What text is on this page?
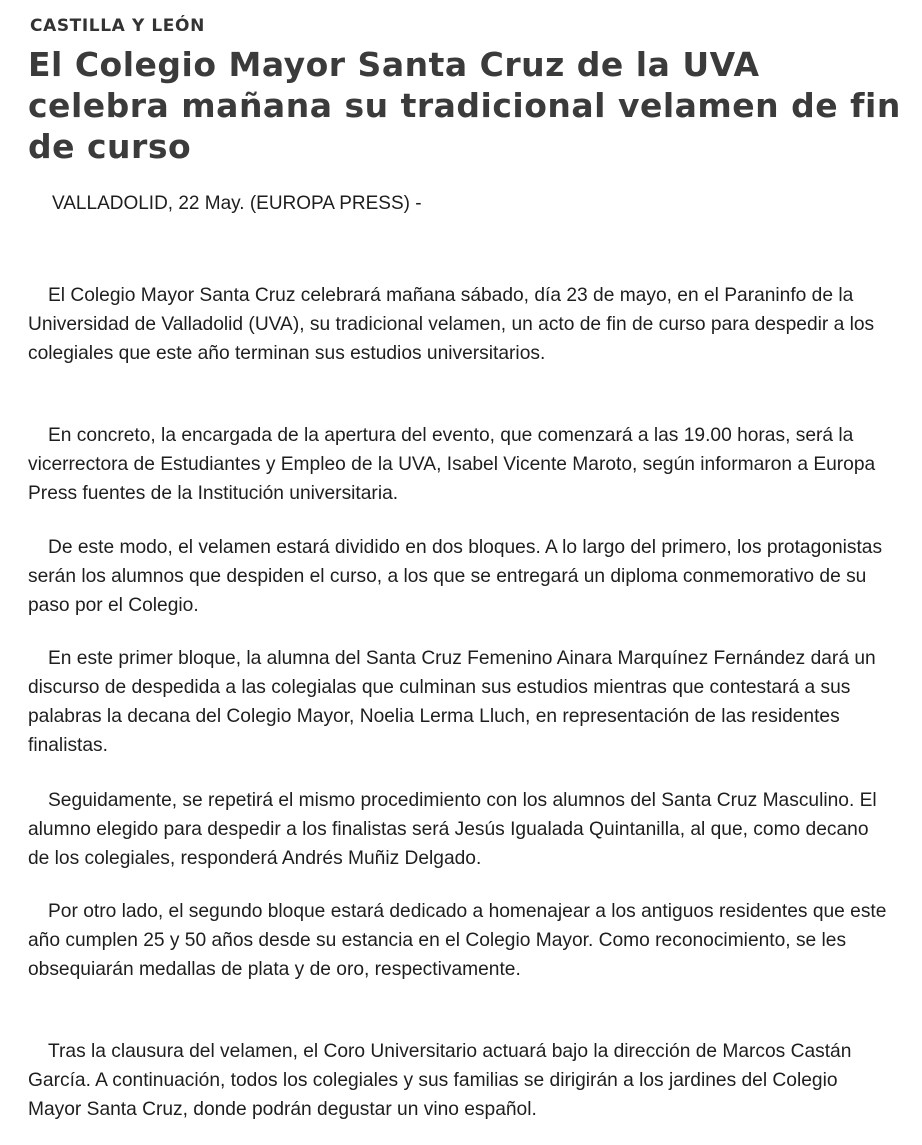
CASTILLA Y LEÓN
El Colegio Mayor Santa Cruz de la UVA celebra mañana su tradicional velamen de fin de curso
VALLADOLID, 22 May. (EUROPA PRESS) -

El Colegio Mayor Santa Cruz celebrará mañana sábado, día 23 de mayo, en el Paraninfo de la Universidad de Valladolid (UVA), su tradicional velamen, un acto de fin de curso para despedir a los colegiales que este año terminan sus estudios universitarios.

En concreto, la encargada de la apertura del evento, que comenzará a las 19.00 horas, será la vicerrectora de Estudiantes y Empleo de la UVA, Isabel Vicente Maroto, según informaron a Europa Press fuentes de la Institución universitaria.

De este modo, el velamen estará dividido en dos bloques. A lo largo del primero, los protagonistas serán los alumnos que despiden el curso, a los que se entregará un diploma conmemorativo de su paso por el Colegio.

En este primer bloque, la alumna del Santa Cruz Femenino Ainara Marquínez Fernández dará un discurso de despedida a las colegialas que culminan sus estudios mientras que contestará a sus palabras la decana del Colegio Mayor, Noelia Lerma Lluch, en representación de las residentes finalistas.

Seguidamente, se repetirá el mismo procedimiento con los alumnos del Santa Cruz Masculino. El alumno elegido para despedir a los finalistas será Jesús Igualada Quintanilla, al que, como decano de los colegiales, responderá Andrés Muñiz Delgado.

Por otro lado, el segundo bloque estará dedicado a homenajear a los antiguos residentes que este año cumplen 25 y 50 años desde su estancia en el Colegio Mayor. Como reconocimiento, se les obsequiarán medallas de plata y de oro, respectivamente.

Tras la clausura del velamen, el Coro Universitario actuará bajo la dirección de Marcos Castán García. A continuación, todos los colegiales y sus familias se dirigirán a los jardines del Colegio Mayor Santa Cruz, donde podrán degustar un vino español.
